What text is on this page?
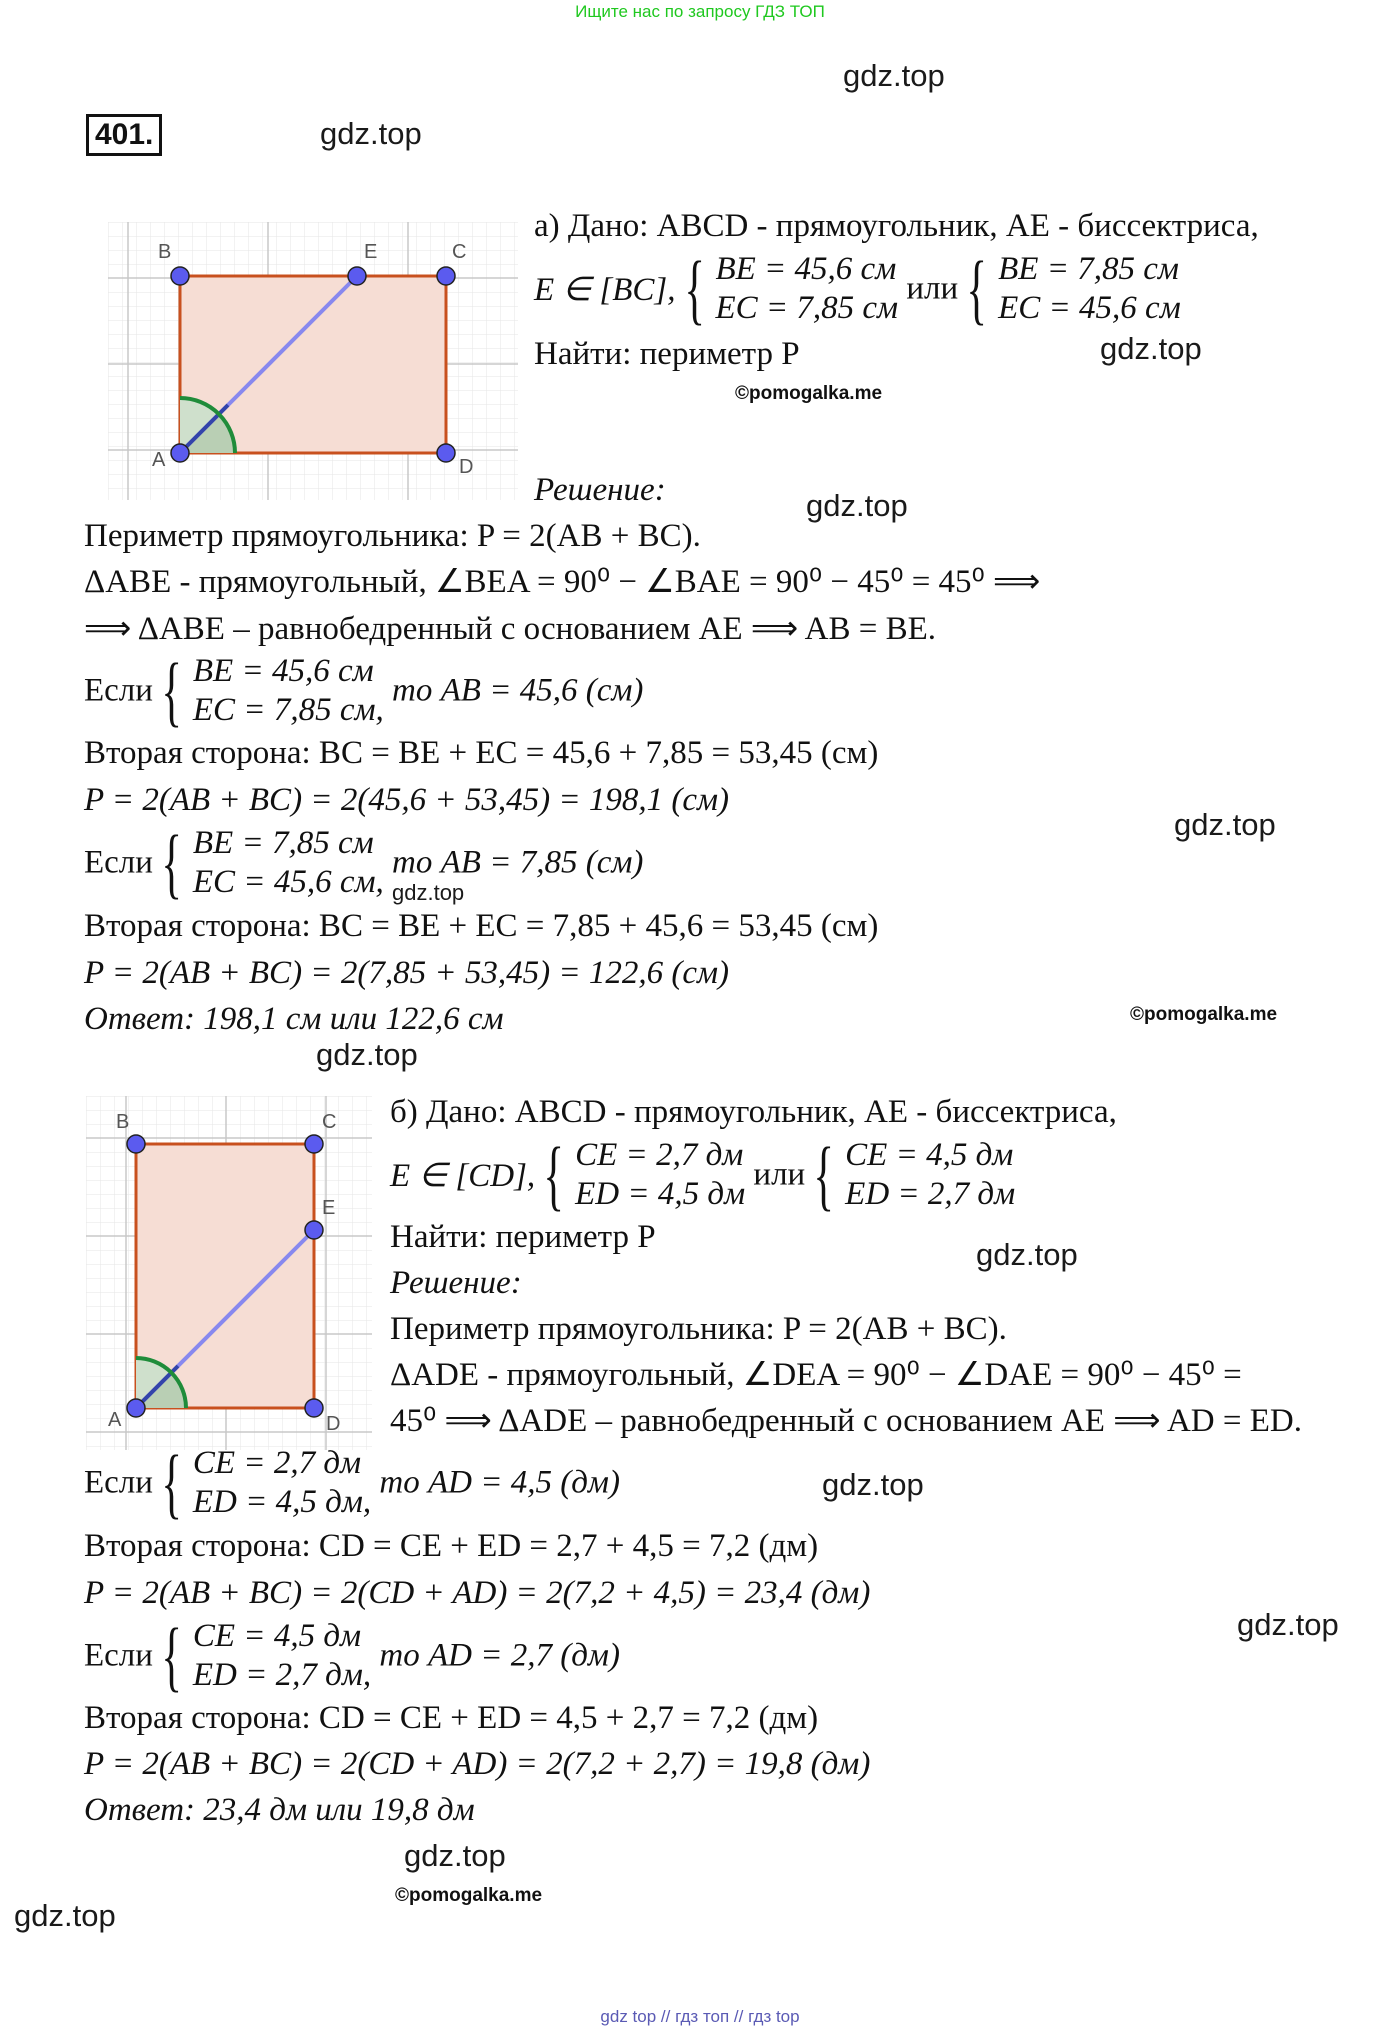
Ищите нас по запросу ГДЗ ТОП
gdz top // гдз топ // гдз top
gdz.top
gdz.top
gdz.top
gdz.top
gdz.top
gdz.top
gdz.top
gdz.top
gdz.top
gdz.top
gdz.top
gdz.top
©pomogalka.me
©pomogalka.me
©pomogalka.me
401.
B	E	C
A	D
а) Дано: ABCD - прямоугольник, AE - биссектриса,
E ∈ [BC], { BE = 45,6 см
EC = 7,85 см
или { BE = 7,85 см
EC = 45,6 см
Найти: периметр P
Решение:
Периметр прямоугольника: P = 2(AB + BC).
ΔABE - прямоугольный, ∠BEA = 90⁰ − ∠BAE = 90⁰ − 45⁰ = 45⁰ ⟹
⟹ ΔABE – равнобедренный с основанием AE ⟹ AB = BE.
Если { BE = 45,6 см
EC = 7,85 см,
то AB = 45,6 (см)
Вторая сторона: BC = BE + EC = 45,6 + 7,85 = 53,45 (см)
P = 2(AB + BC) = 2(45,6 + 53,45) = 198,1 (см)
Если { BE = 7,85 см
EC = 45,6 см,
то AB = 7,85 (см)
Вторая сторона: BC = BE + EC = 7,85 + 45,6 = 53,45 (см)
P = 2(AB + BC) = 2(7,85 + 53,45) = 122,6 (см)
Ответ: 198,1 см или 122,6 см
B	C
E
A	D
б) Дано: ABCD - прямоугольник, AE - биссектриса,
E ∈ [CD], { CE = 2,7 дм
ED = 4,5 дм
или { CE = 4,5 дм
ED = 2,7 дм
Найти: периметр P
Решение:
Периметр прямоугольника: P = 2(AB + BC).
ΔADE - прямоугольный, ∠DEA = 90⁰ − ∠DAE = 90⁰ − 45⁰ =
45⁰ ⟹ ΔADE – равнобедренный с основанием AE ⟹ AD = ED.
Если { CE = 2,7 дм
ED = 4,5 дм,
то AD = 4,5 (дм)
Вторая сторона: CD = CE + ED = 2,7 + 4,5 = 7,2 (дм)
P = 2(AB + BC) = 2(CD + AD) = 2(7,2 + 4,5) = 23,4 (дм)
Если { CE = 4,5 дм
ED = 2,7 дм,
то AD = 2,7 (дм)
Вторая сторона: CD = CE + ED = 4,5 + 2,7 = 7,2 (дм)
P = 2(AB + BC) = 2(CD + AD) = 2(7,2 + 2,7) = 19,8 (дм)
Ответ: 23,4 дм или 19,8 дм
